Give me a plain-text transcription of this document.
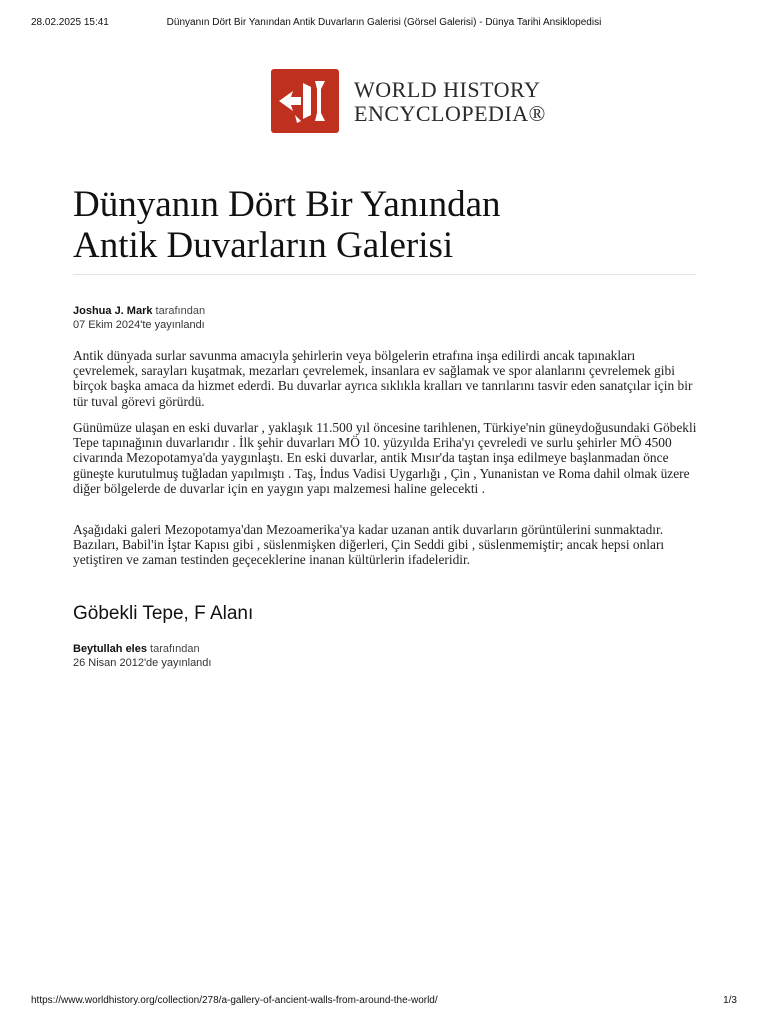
28.02.2025 15:41	Dünyanın Dört Bir Yanından Antik Duvarların Galerisi (Görsel Galerisi) - Dünya Tarihi Ansiklopedisi
WORLD HISTORY
ENCYCLOPEDIA®
Dünyanın Dört Bir Yanından
Antik Duvarların Galerisi
Joshua J. Mark tarafından
07 Ekim 2024'te yayınlandı

Antik dünyada surlar savunma amacıyla şehirlerin veya bölgelerin etrafına inşa edilirdi ancak tapınakları çevrelemek, sarayları kuşatmak, mezarları çevrelemek, insanlara ev sağlamak ve spor alanlarını çevrelemek gibi birçok başka amaca da hizmet ederdi. Bu duvarlar ayrıca sıklıkla kralları ve tanrılarını tasvir eden sanatçılar için bir tür tuval görevi görürdü.

Günümüze ulaşan en eski duvarlar , yaklaşık 11.500 yıl öncesine tarihlenen, Türkiye'nin güneydoğusundaki Göbekli Tepe tapınağının duvarlarıdır . İlk şehir duvarları MÖ 10. yüzyılda Eriha'yı çevreledi ve surlu şehirler MÖ 4500 civarında Mezopotamya'da yaygınlaştı. En eski duvarlar, antik Mısır'da taştan inşa edilmeye başlanmadan önce güneşte kurutulmuş tuğladan yapılmıştı . Taş, İndus Vadisi Uygarlığı , Çin , Yunanistan ve Roma dahil olmak üzere diğer bölgelerde de duvarlar için en yaygın yapı malzemesi haline gelecekti .

Aşağıdaki galeri Mezopotamya'dan Mezoamerika'ya kadar uzanan antik duvarların görüntülerini sunmaktadır. Bazıları, Babil'in İştar Kapısı gibi , süslenmişken diğerleri, Çin Seddi gibi , süslenmemiştir; ancak hepsi onları yetiştiren ve zaman testinden geçeceklerine inanan kültürlerin ifadeleridir.

Göbekli Tepe, F Alanı
Beytullah eles tarafından
26 Nisan 2012'de yayınlandı
https://www.worldhistory.org/collection/278/a-gallery-of-ancient-walls-from-around-the-world/	1/3
